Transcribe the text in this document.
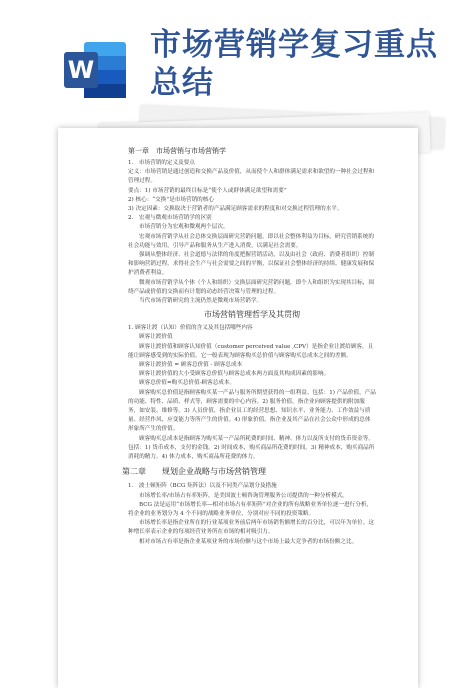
W
市场营销学复习重点总结

第一章　市场营销与市场营销学

1.　市场营销的定义及要点

定义：市场营销是通过创造和交换产品及价值，从而使个人和群体满足需求和欲望的一种社会过程和管理过程。

要点：1) 市场营销的最终目标是“使个人或群体满足欲望和需要”

2) 核心：“交换”是市场营销的核心

3) 决定因素：交换取决于营销者的产品满足顾客需求的程度和对交换过程管理的水平。

2.　宏观与微观市场营销学的区别

市场营销分为宏观和微观两个层次。

宏观市场营销学从社会总体交换层面研究营销问题。即以社会整体利益为目标，研究营销系统的社会功能与效用，引导产品和服务从生产进入消费，以满足社会需要。

强调从整体经济、社会道德与法律的角度把握营销活动，以及由社会（政府、消费者组织）控制和影响营销过程，求得社会生产与社会需要之间的平衡，以保证社会整体经济的持续、健康发展和保护消费者利益。

微观市场营销学从个体（个人和组织）交换层面研究营销问题，即个人和组织为实现其目标，围绕产品或价值的交换而有计划的动态经营决策与管理的过程。

当代市场营销研究的主流仍然是微观市场营销学。

市场营销管理哲学及其贯彻

1. 顾客让渡（认知）价值的含义及其包括哪些内容

顾客让渡价值

顾客让渡价值和顾客认知价值（customer perceived value ,CPV）是指企业让渡给顾客，且能让顾客感受到的实际价值。它一般表现为顾客购买总价值与顾客购买总成本之间的差额。

顾客让渡价值 = 顾客总价值 - 顾客总成本

顾客让渡价值的大小受顾客总价值与顾客总成本两方面及其构成因素的影响。

顾客总价值=购买总价值-顾客总成本。

顾客购买总价值是指顾客购买某一产品与服务所期望获得的一组利益。包括：1) 产品价值，产品的功能、特性、品质、样式等，顾客需要的中心内容。2) 服务价值，指企业向顾客提供的附加服务，如安装、维修等。3) 人员价值，指企业员工的经营思想、知识水平、业务能力、工作效益与质量、经营作风、应变能力等所产生的价值。4) 形象价值，指企业及其产品在社会公众中形成的总体形象所产生的价值。

顾客购买总成本是指顾客为购买某一产品所耗费的时间、精神、体力以及所支付的货币资金等。包括：1) 货币成本，支付的金钱。2) 时间成本，购买商品所花费的时间。3) 精神成本，购买商品所消耗的精力。4) 体力成本，购买商品所花费的体力。

第二章　　规划企业战略与市场营销管理

1.　波士顿矩阵（BCG 矩阵法）以及不同类产品划分及措施

市场增长率/市场占有率矩阵，是美国波士顿咨询管理服务公司提供的一种分析模式。

BCG 法是运用“市场增长率—相对市场占有率矩阵”对企业的所有战略业务单位逐一进行分析，将企业的业务划分为 4 个不同的战略业务单位，分别对应不同的投资策略。

市场增长率是指企业所在的行业某项业务前后两年市场销售额增长的百分比，可以年为单位。这种增长率表示企业的每项经营业务所在市场的相对吸引力。

相对市场占有率是指企业某项业务的市场份额与这个市场上最大竞争者的市场份额之比。
